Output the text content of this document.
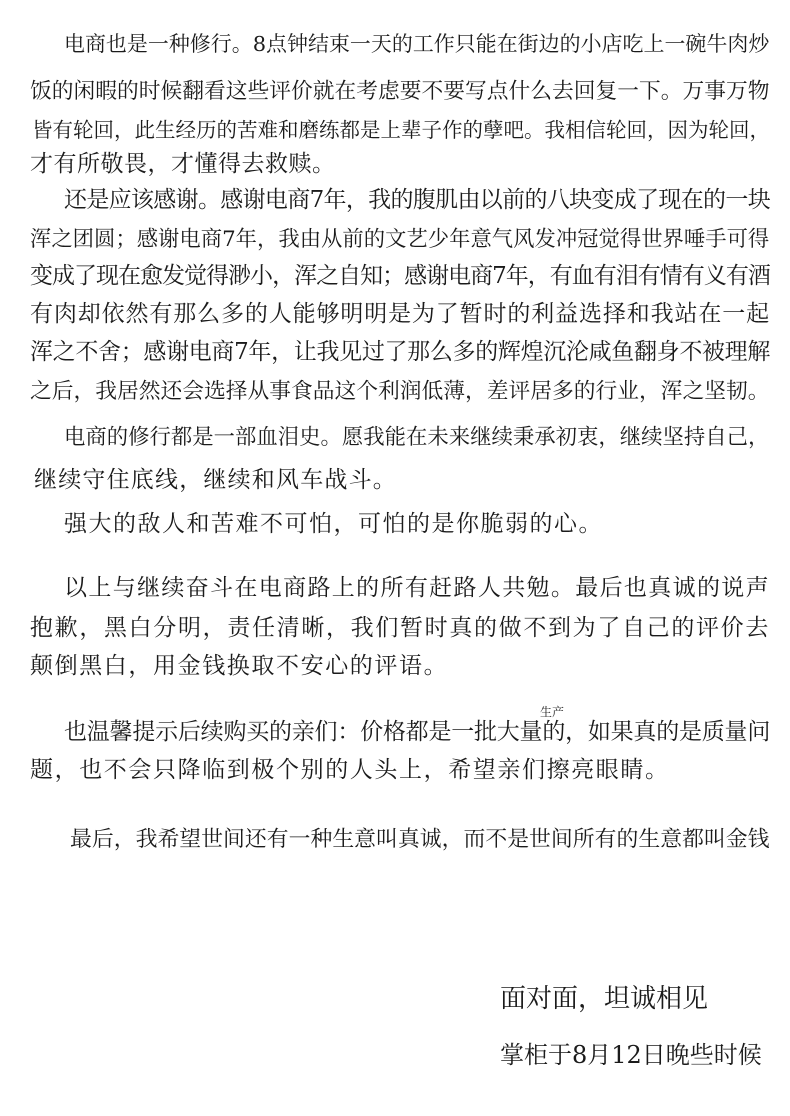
电商也是一种修行。8点钟结束一天的工作只能在街边的小店吃上一碗牛肉炒
饭的闲暇的时候翻看这些评价就在考虑要不要写点什么去回复一下。万事万物
皆有轮回，此生经历的苦难和磨练都是上辈子作的孽吧。我相信轮回，因为轮回，
才有所敬畏，才懂得去救赎。
还是应该感谢。感谢电商7年，我的腹肌由以前的八块变成了现在的一块
浑之团圆；感谢电商7年，我由从前的文艺少年意气风发冲冠觉得世界唾手可得
变成了现在愈发觉得渺小，浑之自知；感谢电商7年，有血有泪有情有义有酒
有肉却依然有那么多的人能够明明是为了暂时的利益选择和我站在一起
浑之不舍；感谢电商7年，让我见过了那么多的辉煌沉沦咸鱼翻身不被理解
之后，我居然还会选择从事食品这个利润低薄，差评居多的行业，浑之坚韧。
电商的修行都是一部血泪史。愿我能在未来继续秉承初衷，继续坚持自己，
继续守住底线，继续和风车战斗。
强大的敌人和苦难不可怕，可怕的是你脆弱的心。
以上与继续奋斗在电商路上的所有赶路人共勉。最后也真诚的说声
抱歉，黑白分明，责任清晰，我们暂时真的做不到为了自己的评价去
颠倒黑白，用金钱换取不安心的评语。
生产
也温馨提示后续购买的亲们：价格都是一批大量的，如果真的是质量问
题，也不会只降临到极个别的人头上，希望亲们擦亮眼睛。
最后，我希望世间还有一种生意叫真诚，而不是世间所有的生意都叫金钱
面对面，坦诚相见
掌柜于8月12日晚些时候
